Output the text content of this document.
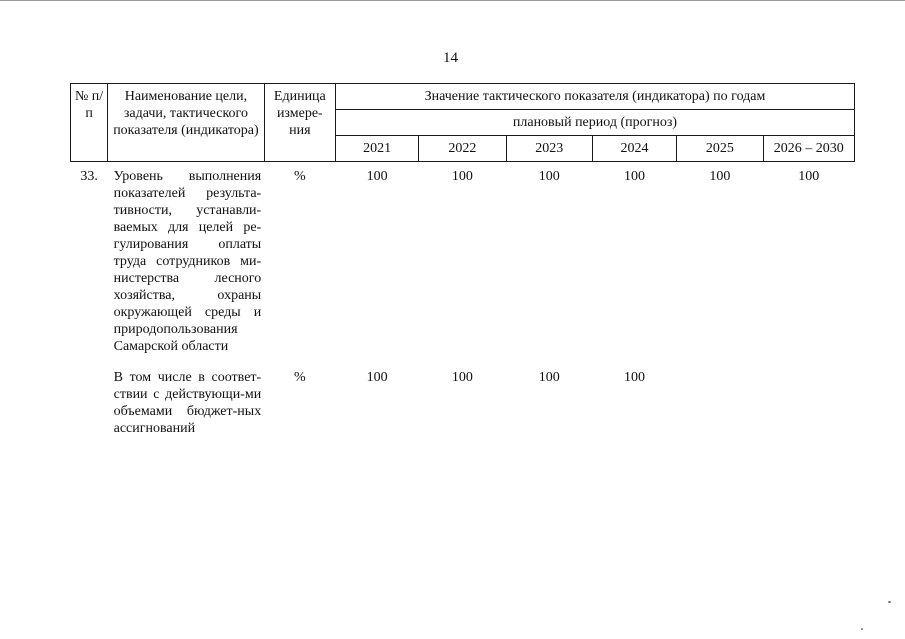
14
№ п/п	Наименование цели, задачи, тактического показателя (индикатора)	Единица измере-ния	Значение тактического показателя (индикатора) по годам					
			плановый период (прогноз)					
			2021	2022	2023	2024	2025	2026 – 2030
33.	Уровень выполнения показателей результа-тивности, устанавли-ваемых для целей ре-гулирования оплаты труда сотрудников ми-нистерства лесного хозяйства, охраны окружающей среды и природопользования Самарской области	%	100	100	100	100	100	100
	В том числе в соответ-ствии с действующи-ми объемами бюджет-ных ассигнований	%	100	100	100	100		
